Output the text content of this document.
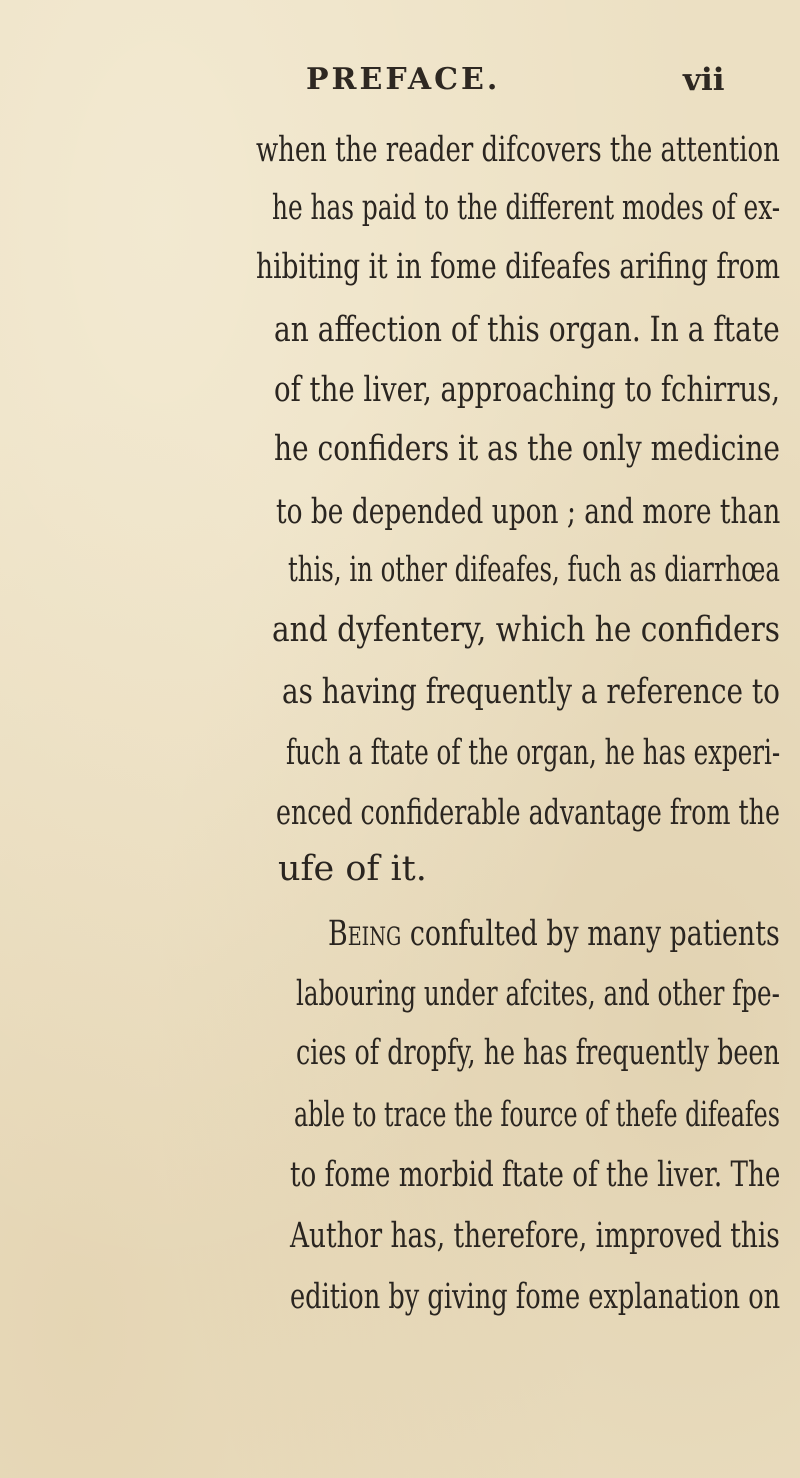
PREFACE.	vii
when the reader difcovers the attention
he has paid to the different modes of ex-
hibiting it in fome difeafes arifing from
an affection of this organ. In a ftate
of the liver, approaching to fchirrus,
he confiders it as the only medicine
to be depended upon ; and more than
this, in other difeafes, fuch as diarrhœa
and dyfentery, which he confiders
as having frequently a reference to
fuch a ftate of the organ, he has experi-
enced confiderable advantage from the
ufe of it.
Being confulted by many patients
labouring under afcites, and other fpe-
cies of dropfy, he has frequently been
able to trace the fource of thefe difeafes
to fome morbid ftate of the liver. The
Author has, therefore, improved this
edition by giving fome explanation on
